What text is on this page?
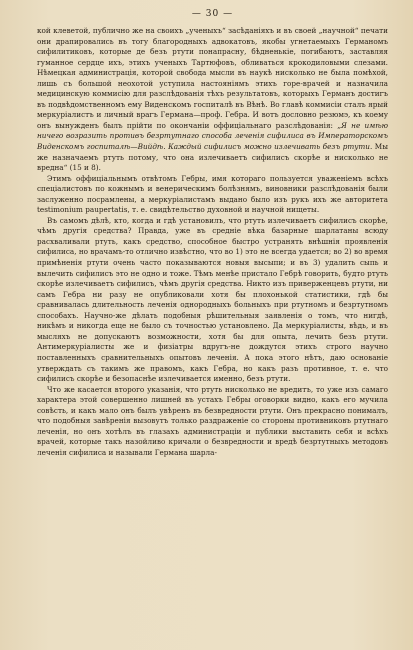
— 30 —

кой клеветой, публично же на своихъ „ученыхъ“ засѣданіяхъ и въ своей „научной“ печати они драпировались въ тогу благородныхъ адвокатовъ, якобы угнетаемыхъ Германомъ сифилитиковъ, которые де безъ ртути понапрасну, бѣдненькіе, погибаютъ, заставляя гуманное сердце ихъ, этихъ ученыхъ Тартюфовъ, обливаться крокодиловыми слезами. Нѣмецкая администрація, которой свобода мысли въ наукѣ нисколько не была помѣхой, лишь съ большой неохотой уступила настояніямъ этихъ горе-врачей и назначила медицинскую коммисію для разслѣдованія тѣхъ результатовъ, которыхъ Германъ достигъ въ подвѣдомственномъ ему Виденскомъ госпиталѣ въ Вѣнѣ. Во главѣ коммисіи сталъ ярый меркуріалистъ и личный врагъ Германа—проф. Гебра. И вотъ дословно резюмэ, къ коему онъ вынужденъ былъ прійти по окончаніи оффиціальнаго разслѣдованія: „Я не имѣю ничего возразить противъ безртутнаго способа леченія сифилиса въ Императорскомъ Виденскомъ госпиталѣ—Вийдѣ. Каждый сифилисъ можно излечивать безъ ртути. Мы же назначаемъ ртуть потому, что она излечиваетъ сифилисъ скорѣе и нисколько не вредна“ (15 и 8).

Этимъ оффиціальнымъ отвѣтомъ Гебры, имя котораго пользуется уваженіемъ всѣхъ спеціалистовъ по кожнымъ и венерическимъ болѣзнямъ, виновники разслѣдованія были заслуженно посрамлены, а меркуріалистамъ выдано было изъ рукъ ихъ же авторитета testimonium paupertatis, т. е. свидѣтельство духовной и научной нищеты.

Въ самомъ дѣлѣ, кто, когда и гдѣ установилъ, что ртуть излечиваетъ сифилисъ скорѣе, чѣмъ другія средства? Правда, уже въ средніе вѣка базарные шарлатаны всюду расхваливали ртуть, какъ средство, способное быстро устранять внѣшнія проявленія сифилиса, но врачамъ-то отлично извѣстно, что во 1) это не всегда удается; во 2) во время примѣненія ртути очень часто показываются новыя высыпи; и въ 3) удалить сыпь и вылечить сифилисъ это не одно и тоже. Тѣмъ менѣе пристало Гебрѣ говорить, будто ртуть скорѣе излечиваетъ сифилисъ, чѣмъ другія средства. Никто изъ приверженцевъ ртути, ни самъ Гебра ни разу не опубликовали хотя бы плохонькой статистики, гдѣ бы сравнивалась длительность леченія однородныхъ больныхъ при ртутномъ и безртутномъ способахъ. Научно-же дѣлать подобныя рѣшительныя заявленія о томъ, что нигдѣ, никѣмъ и никогда еще не было съ точностью установлено. Да меркуріалисты, вѣдь, и въ мысляхъ не допускаютъ возможности, хотя бы для опыта, лечить безъ ртути. Антимеркуріалисты же и физіатры вдругъ-не дождутся этихъ строго научно поставленныхъ сравнительныхъ опытовъ леченія. А пока этого нѣтъ, даю основаніе утверждать съ такимъ же правомъ, какъ Гебра, но какъ разъ противное, т. е. что сифилисъ скорѣе и безопаснѣе излечивается именно, безъ ртути.

Что же касается второго указанія, что ртуть нисколько не вредитъ, то уже изъ самаго характера этой совершенно лишней въ устахъ Гебры оговорки видно, какъ его мучила совѣсть, и какъ мало онъ былъ увѣренъ въ безвредности ртути. Онъ прекрасно понималъ, что подобныя завѣренія вызовутъ только раздраженіе со стороны противниковъ ртутнаго леченія, но онъ хотѣлъ въ глазахъ администраціи и публики выставить себя и всѣхъ врачей, которые такъ назойливо кричали о безвредности и вредѣ безртутныхъ методовъ леченія сифилиса и называли Германа шарла-
